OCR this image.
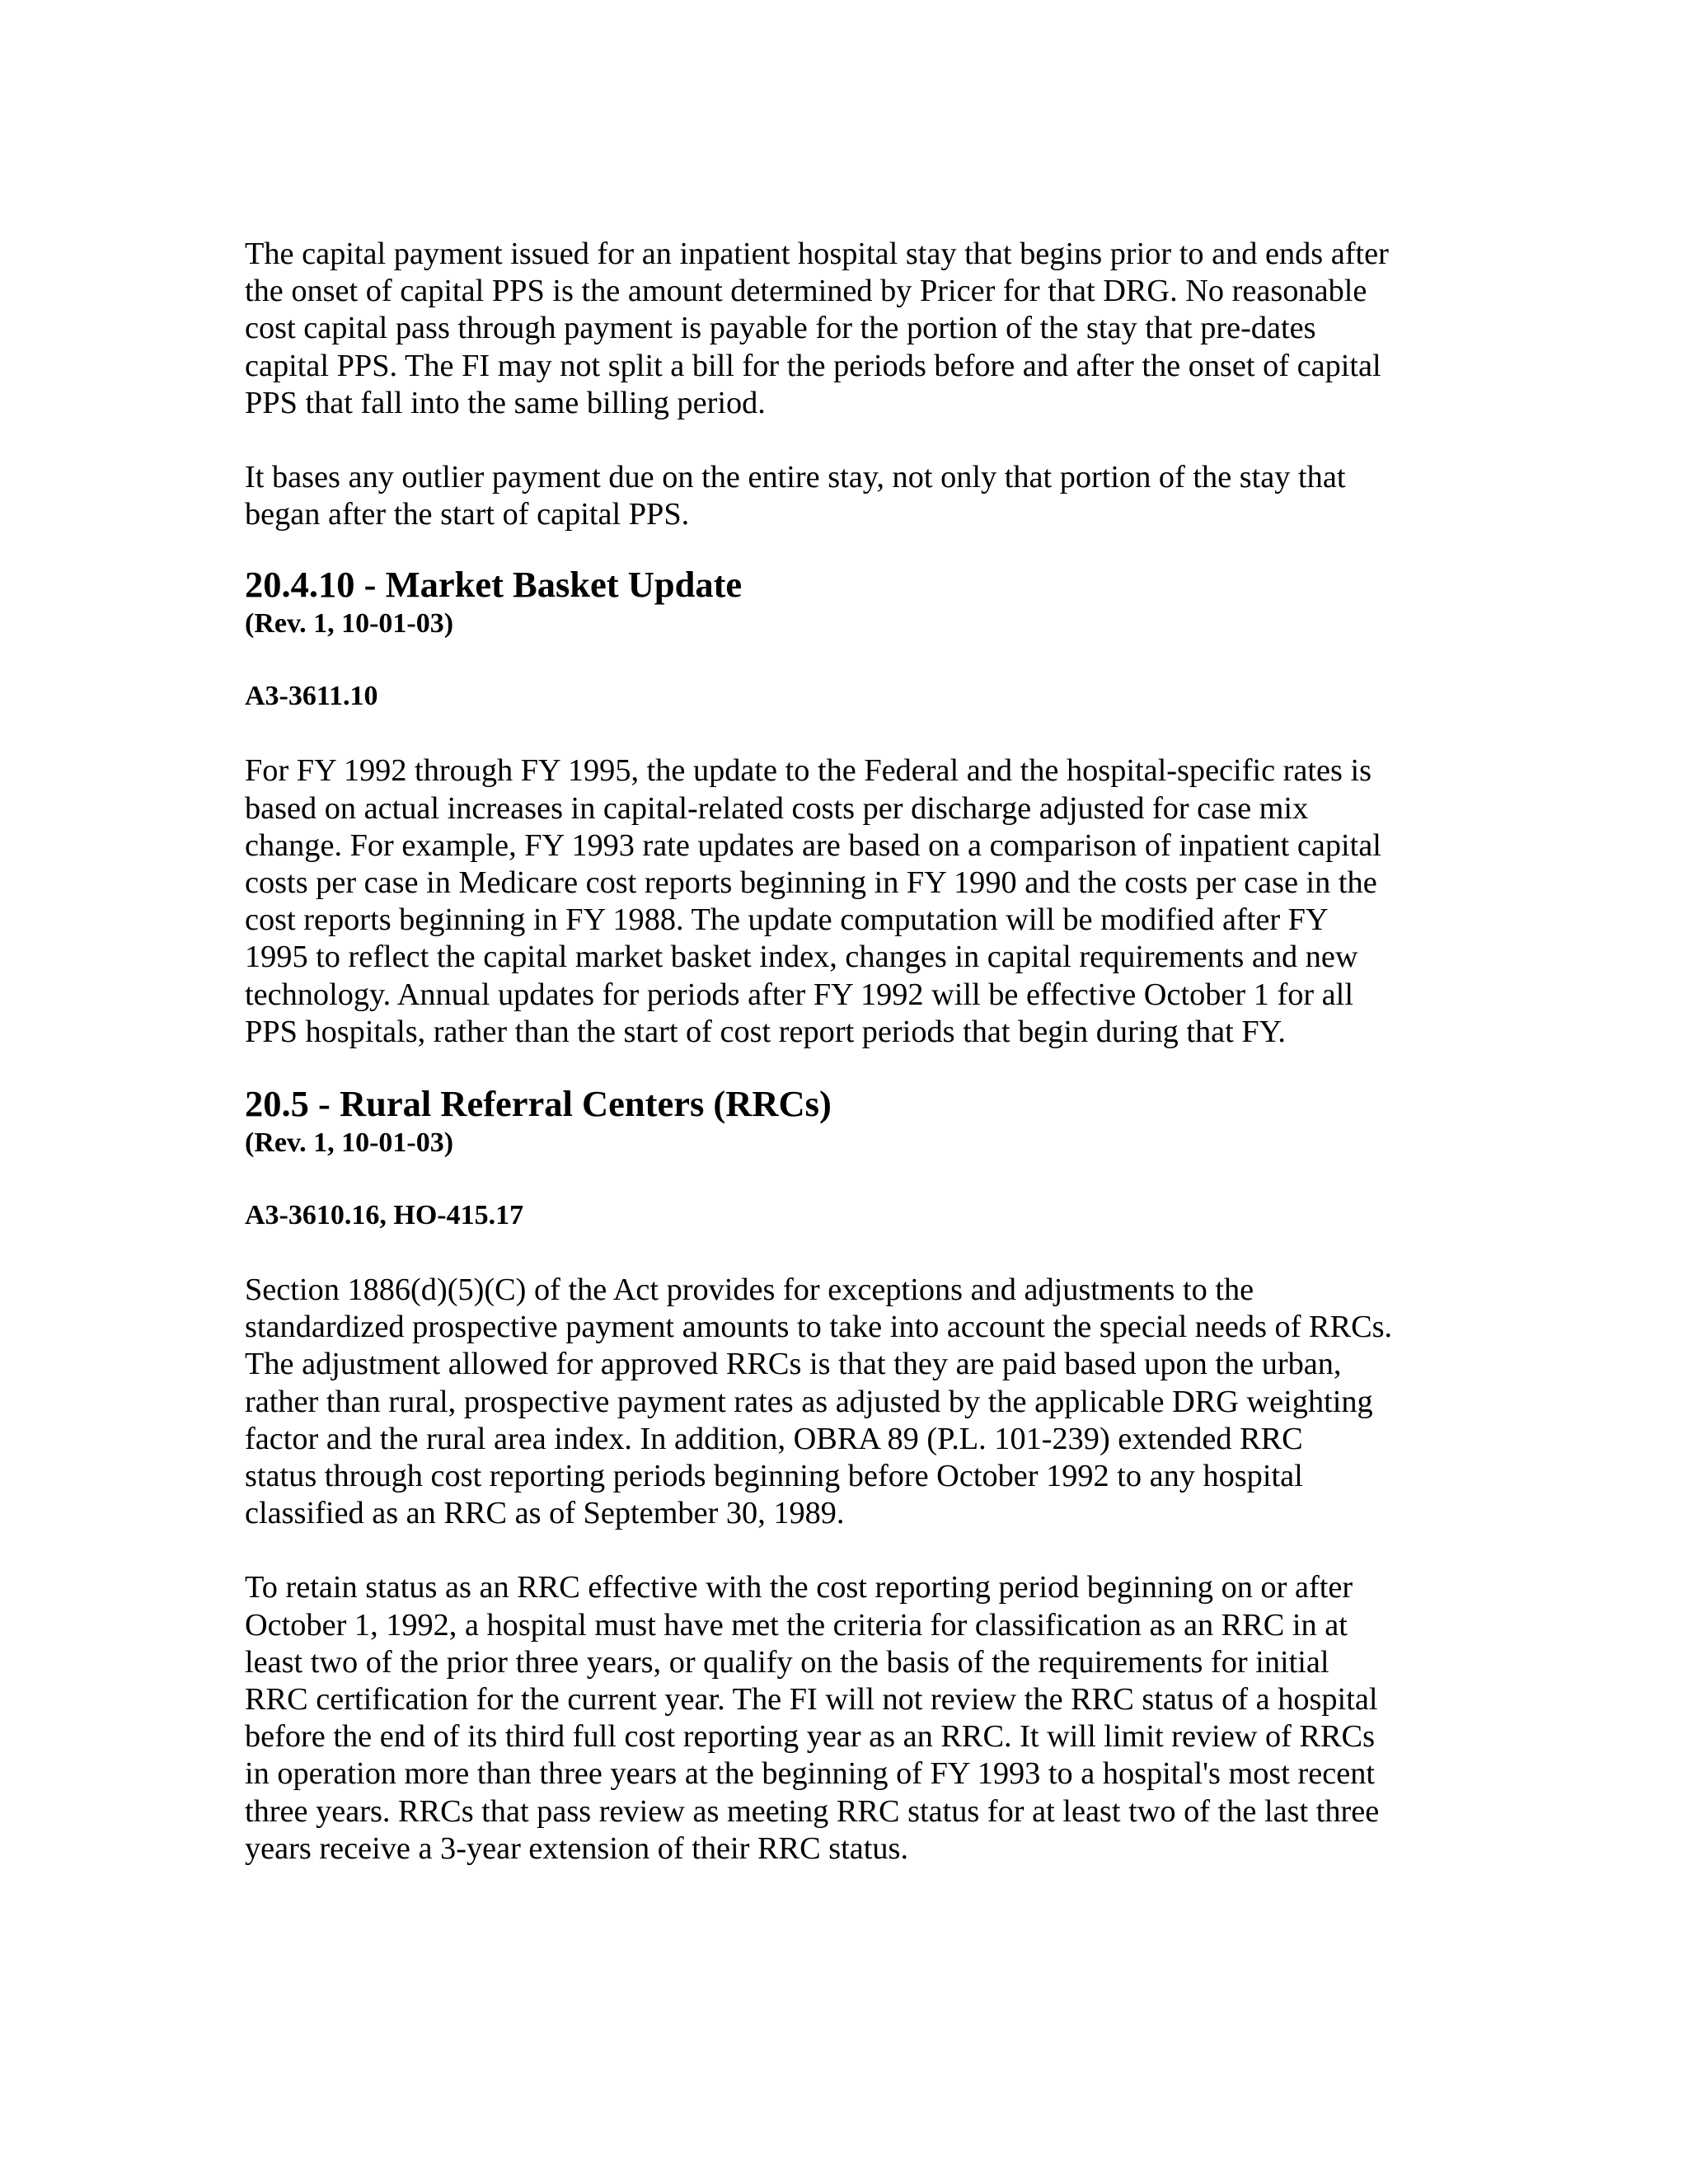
The capital payment issued for an inpatient hospital stay that begins prior to and ends after
the onset of capital PPS is the amount determined by Pricer for that DRG. No reasonable
cost capital pass through payment is payable for the portion of the stay that pre-dates
capital PPS. The FI may not split a bill for the periods before and after the onset of capital
PPS that fall into the same billing period.

It bases any outlier payment due on the entire stay, not only that portion of the stay that
began after the start of capital PPS.

20.4.10 - Market Basket Update
(Rev. 1, 10-01-03)
A3-3611.10

For FY 1992 through FY 1995, the update to the Federal and the hospital-specific rates is
based on actual increases in capital-related costs per discharge adjusted for case mix
change. For example, FY 1993 rate updates are based on a comparison of inpatient capital
costs per case in Medicare cost reports beginning in FY 1990 and the costs per case in the
cost reports beginning in FY 1988. The update computation will be modified after FY
1995 to reflect the capital market basket index, changes in capital requirements and new
technology. Annual updates for periods after FY 1992 will be effective October 1 for all
PPS hospitals, rather than the start of cost report periods that begin during that FY.

20.5 - Rural Referral Centers (RRCs)
(Rev. 1, 10-01-03)
A3-3610.16, HO-415.17

Section 1886(d)(5)(C) of the Act provides for exceptions and adjustments to the
standardized prospective payment amounts to take into account the special needs of RRCs.
The adjustment allowed for approved RRCs is that they are paid based upon the urban,
rather than rural, prospective payment rates as adjusted by the applicable DRG weighting
factor and the rural area index. In addition, OBRA 89 (P.L. 101-239) extended RRC
status through cost reporting periods beginning before October 1992 to any hospital
classified as an RRC as of September 30, 1989.

To retain status as an RRC effective with the cost reporting period beginning on or after
October 1, 1992, a hospital must have met the criteria for classification as an RRC in at
least two of the prior three years, or qualify on the basis of the requirements for initial
RRC certification for the current year. The FI will not review the RRC status of a hospital
before the end of its third full cost reporting year as an RRC. It will limit review of RRCs
in operation more than three years at the beginning of FY 1993 to a hospital's most recent
three years. RRCs that pass review as meeting RRC status for at least two of the last three
years receive a 3-year extension of their RRC status.
